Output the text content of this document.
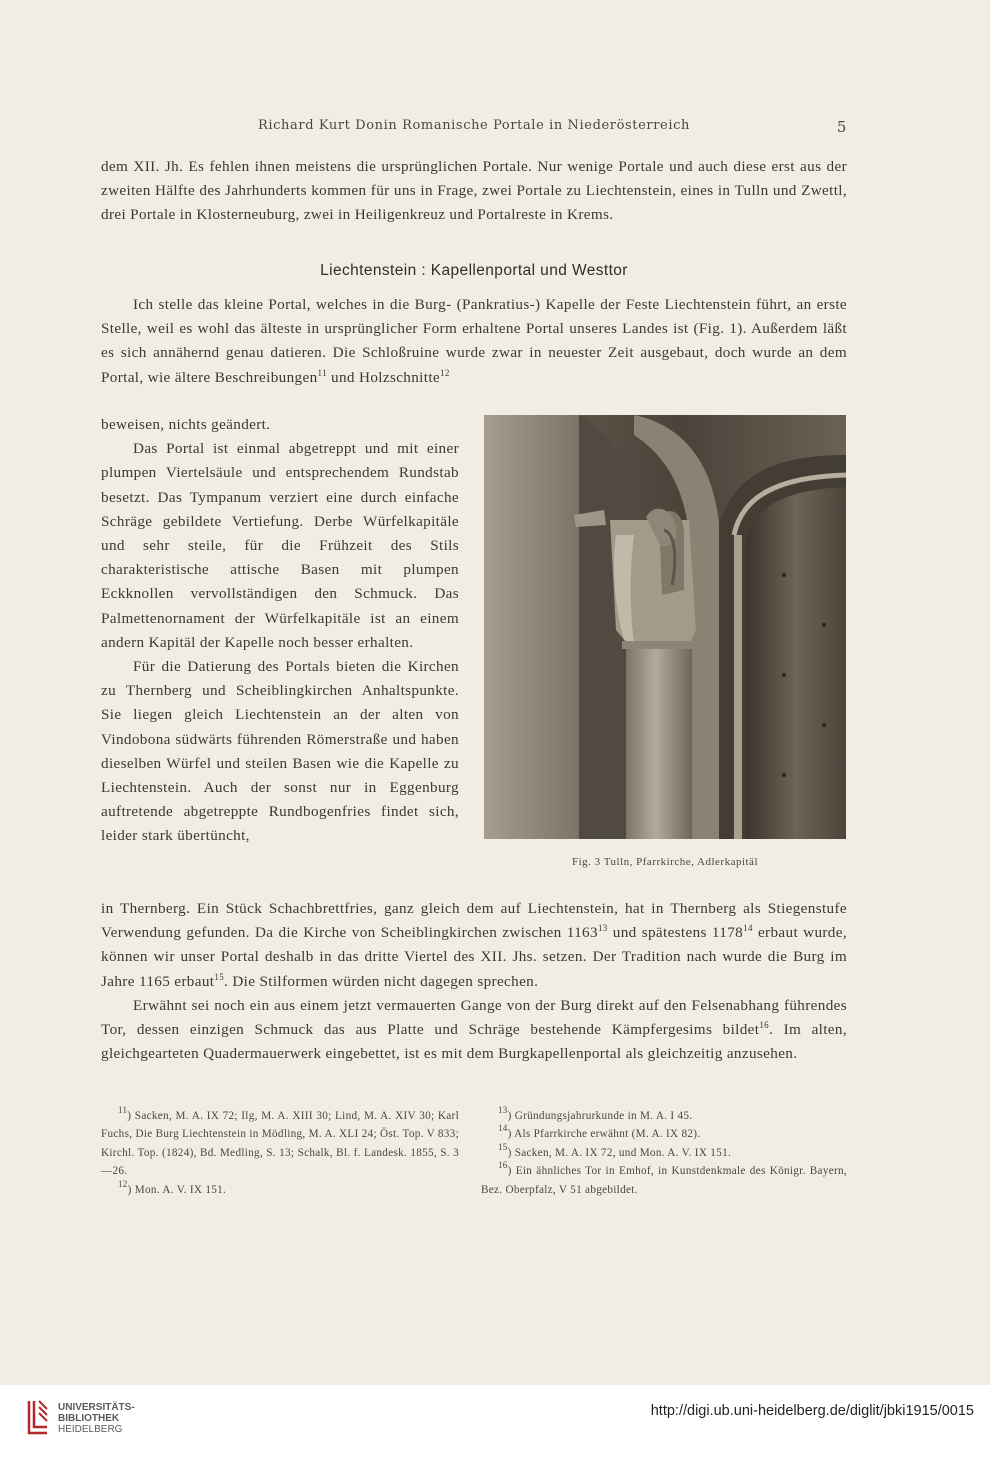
Richard Kurt Donin Romanische Portale in Niederösterreich	5

dem XII. Jh. Es fehlen ihnen meistens die ursprünglichen Portale. Nur wenige Portale und auch diese erst aus der zweiten Hälfte des Jahrhunderts kommen für uns in Frage, zwei Portale zu Liechtenstein, eines in Tulln und Zwettl, drei Portale in Klosterneuburg, zwei in Heiligenkreuz und Portalreste in Krems.

Liechtenstein : Kapellenportal und Westtor

Ich stelle das kleine Portal, welches in die Burg- (Pankratius-) Kapelle der Feste Liechtenstein führt, an erste Stelle, weil es wohl das älteste in ursprünglicher Form erhaltene Portal unseres Landes ist (Fig. 1). Außerdem läßt es sich annähernd genau datieren. Die Schloßruine wurde zwar in neuester Zeit ausgebaut, doch wurde an dem Portal, wie ältere Beschreibungen$^{11}$ und Holzschnitte$^{12}$

beweisen, nichts geändert.

Das Portal ist einmal abgetreppt und mit einer plumpen Viertelsäule und entsprechendem Rundstab besetzt. Das Tympanum verziert eine durch einfache Schräge gebildete Vertiefung. Derbe Würfelkapitäle und sehr steile, für die Frühzeit des Stils charakteristische attische Basen mit plumpen Eckknollen vervollständigen den Schmuck. Das Palmettenornament der Würfelkapitäle ist an einem andern Kapitäl der Kapelle noch besser erhalten.

Für die Datierung des Portals bieten die Kirchen zu Thernberg und Scheiblingkirchen Anhaltspunkte. Sie liegen gleich Liechtenstein an der alten von Vindobona südwärts führenden Römerstraße und haben dieselben Würfel und steilen Basen wie die Kapelle zu Liechtenstein. Auch der sonst nur in Eggenburg auftretende abgetreppte Rundbogenfries findet sich, leider stark übertüncht,

in Thernberg. Ein Stück Schachbrettfries, ganz gleich dem auf Liechtenstein, hat in Thernberg als Stiegenstufe Verwendung gefunden. Da die Kirche von Scheiblingkirchen zwischen 1163$^{13}$ und spätestens 1178$^{14}$ erbaut wurde, können wir unser Portal deshalb in das dritte Viertel des XII. Jhs. setzen. Der Tradition nach wurde die Burg im Jahre 1165 erbaut$^{15}$. Die Stilformen würden nicht dagegen sprechen.

Erwähnt sei noch ein aus einem jetzt vermauerten Gange von der Burg direkt auf den Felsenabhang führendes Tor, dessen einzigen Schmuck das aus Platte und Schräge bestehende Kämpfergesims bildet$^{16}$. Im alten, gleichgearteten Quadermauerwerk eingebettet, ist es mit dem Burgkapellenportal als gleichzeitig anzusehen.

Fig. 3 Tulln, Pfarrkirche, Adlerkapitäl

$^{11}$) Sacken, M. A. IX 72; Ilg, M. A. XIII 30; Lind, M. A. XIV 30; Karl Fuchs, Die Burg Liechtenstein in Mödling, M. A. XLI 24; Öst. Top. V 833; Kirchl. Top. (1824), Bd. Medling, S. 13; Schalk, Bl. f. Landesk. 1855, S. 3—26.

$^{12}$) Mon. A. V. IX 151.

$^{13}$) Gründungsjahrurkunde in M. A. I 45.

$^{14}$) Als Pfarrkirche erwähnt (M. A. IX 82).

$^{15}$) Sacken, M. A. IX 72, und Mon. A. V. IX 151.

$^{16}$) Ein ähnliches Tor in Emhof, in Kunstdenkmale des Königr. Bayern, Bez. Oberpfalz, V 51 abgebildet.

UNIVERSITÄTS-
BIBLIOTHEK
HEIDELBERG
http://digi.ub.uni-heidelberg.de/diglit/jbki1915/0015
